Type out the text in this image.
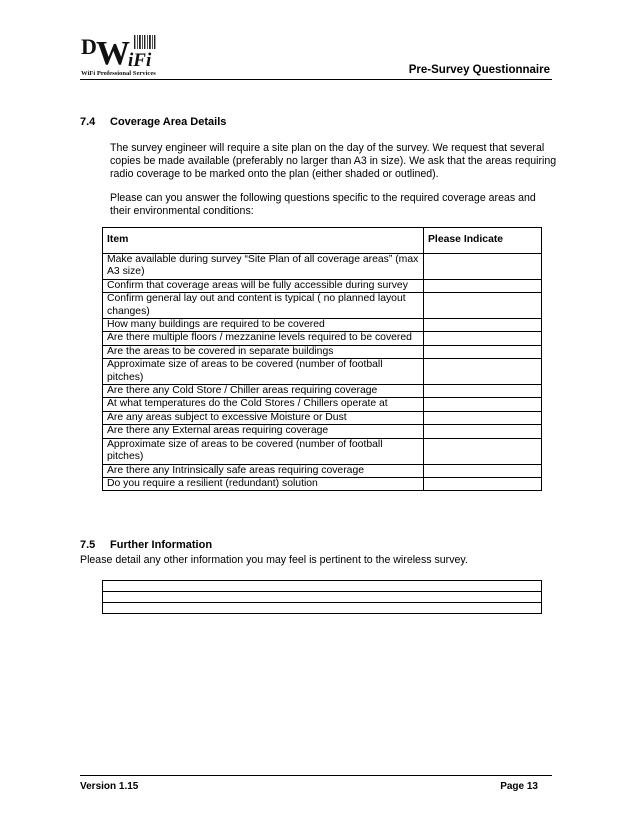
D W
iFi
WiFi Professional Services	Pre-Survey Questionnaire
7.4 Coverage Area Details
The survey engineer will require a site plan on the day of the survey. We request that several copies be made available (preferably no larger than A3 in size). We ask that the areas requiring radio coverage to be marked onto the plan (either shaded or outlined).
Please can you answer the following questions specific to the required coverage areas and their environmental conditions:
Item	Please Indicate
Make available during survey “Site Plan of all coverage areas” (max A3 size)	
Confirm that coverage areas will be fully accessible during survey	
Confirm general lay out and content is typical ( no planned layout changes)	
How many buildings are required to be covered	
Are there multiple floors / mezzanine levels required to be covered	
Are the areas to be covered in separate buildings	
Approximate size of areas to be covered (number of football pitches)	
Are there any Cold Store / Chiller areas requiring coverage	
At what temperatures do the Cold Stores / Chillers operate at	
Are any areas subject to excessive Moisture or Dust	
Are there any External areas requiring coverage	
Approximate size of areas to be covered (number of football pitches)	
Are there any Intrinsically safe areas requiring coverage	
Do you require a resilient (redundant) solution	
7.5 Further Information
Please detail any other information you may feel is pertinent to the wireless survey.

Version 1.15	Page 13
